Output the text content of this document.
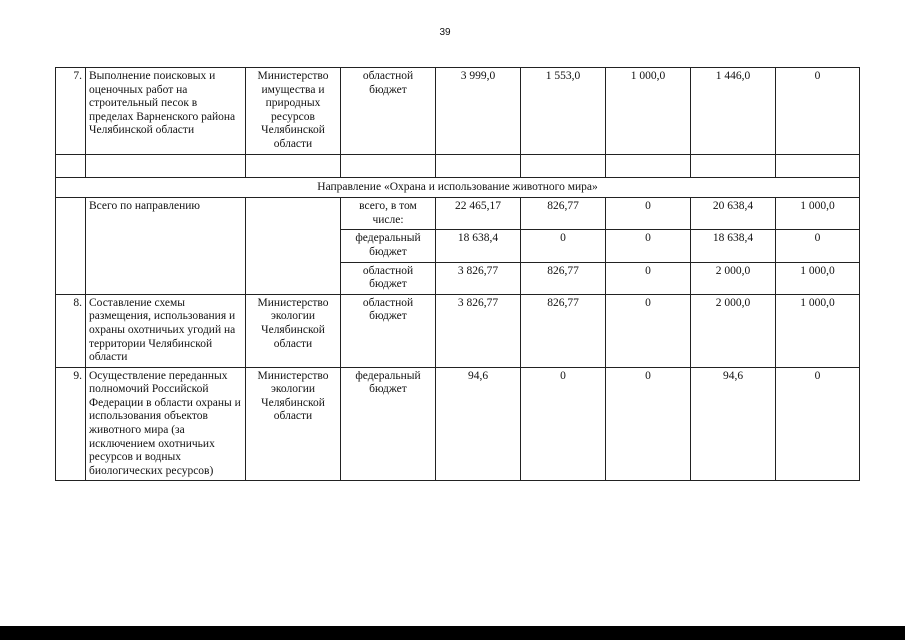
39
7.	Выполнение поисковых и оценочных работ на строительный песок в пределах Варненского района Челябинской области	Министерство имущества и природных ресурсов Челябинской области	областной бюджет	3 999,0	1 553,0	1 000,0	1 446,0	0

Направление «Охрана и использование животного мира»								
	Всего по направлению		всего, в том числе:	22 465,17	826,77	0	20 638,4	1 000,0
			федеральный бюджет	18 638,4	0	0	18 638,4	0
			областной бюджет	3 826,77	826,77	0	2 000,0	1 000,0
8.	Составление схемы размещения, использования и охраны охотничьих угодий на территории Челябинской области	Министерство экологии Челябинской области	областной бюджет	3 826,77	826,77	0	2 000,0	1 000,0
9.	Осуществление переданных полномочий Российской Федерации в области охраны и использования объектов животного мира (за исключением охотничьих ресурсов и водных биологических ресурсов)	Министерство экологии Челябинской области	федеральный бюджет	94,6	0	0	94,6	0
